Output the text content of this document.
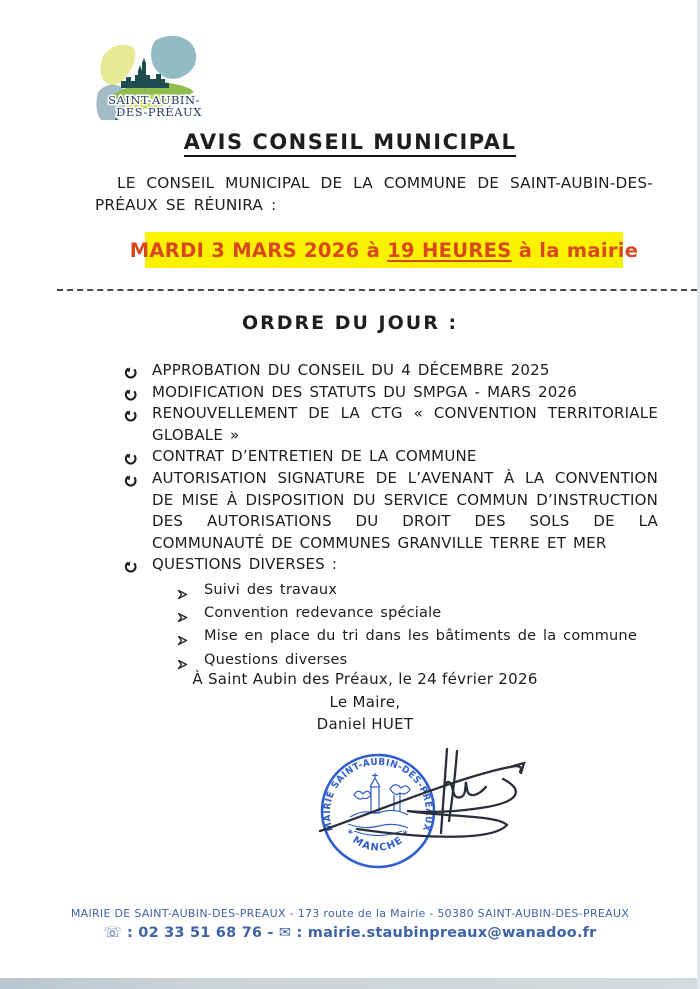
SAINT-AUBIN-
DES-PRÉAUX
AVIS CONSEIL MUNICIPAL

LE CONSEIL MUNICIPAL DE LA COMMUNE DE SAINT-AUBIN-DES-PRÉAUX SE RÉUNIRA :

MARDI 3 MARS 2026 à 19 HEURES à la mairie
ORDRE DU JOUR :
APPROBATION DU CONSEIL DU 4 DÉCEMBRE 2025
MODIFICATION DES STATUTS DU SMPGA - MARS 2026
RENOUVELLEMENT DE LA CTG « CONVENTION TERRITORIALE GLOBALE »
CONTRAT D’ENTRETIEN DE LA COMMUNE
AUTORISATION SIGNATURE DE L’AVENANT À LA CONVENTION DE MISE À DISPOSITION DU SERVICE COMMUN D’INSTRUCTION DES AUTORISATIONS DU DROIT DES SOLS DE LA COMMUNAUTÉ DE COMMUNES GRANVILLE TERRE ET MER
QUESTIONS DIVERSES :
Suivi des travaux
Convention redevance spéciale
Mise en place du tri dans les bâtiments de la commune
Questions diverses
À Saint Aubin des Préaux, le 24 février 2026
Le Maire,
Daniel HUET
MAIRIE SAINT-AUBIN-DES-PRÉAUX
* MANCHE *
MAIRIE DE SAINT-AUBIN-DES-PREAUX - 173 route de la Mairie - 50380 SAINT-AUBIN-DES-PREAUX
☏ : 02 33 51 68 76 - ✉ : mairie.staubinpreaux@wanadoo.fr
